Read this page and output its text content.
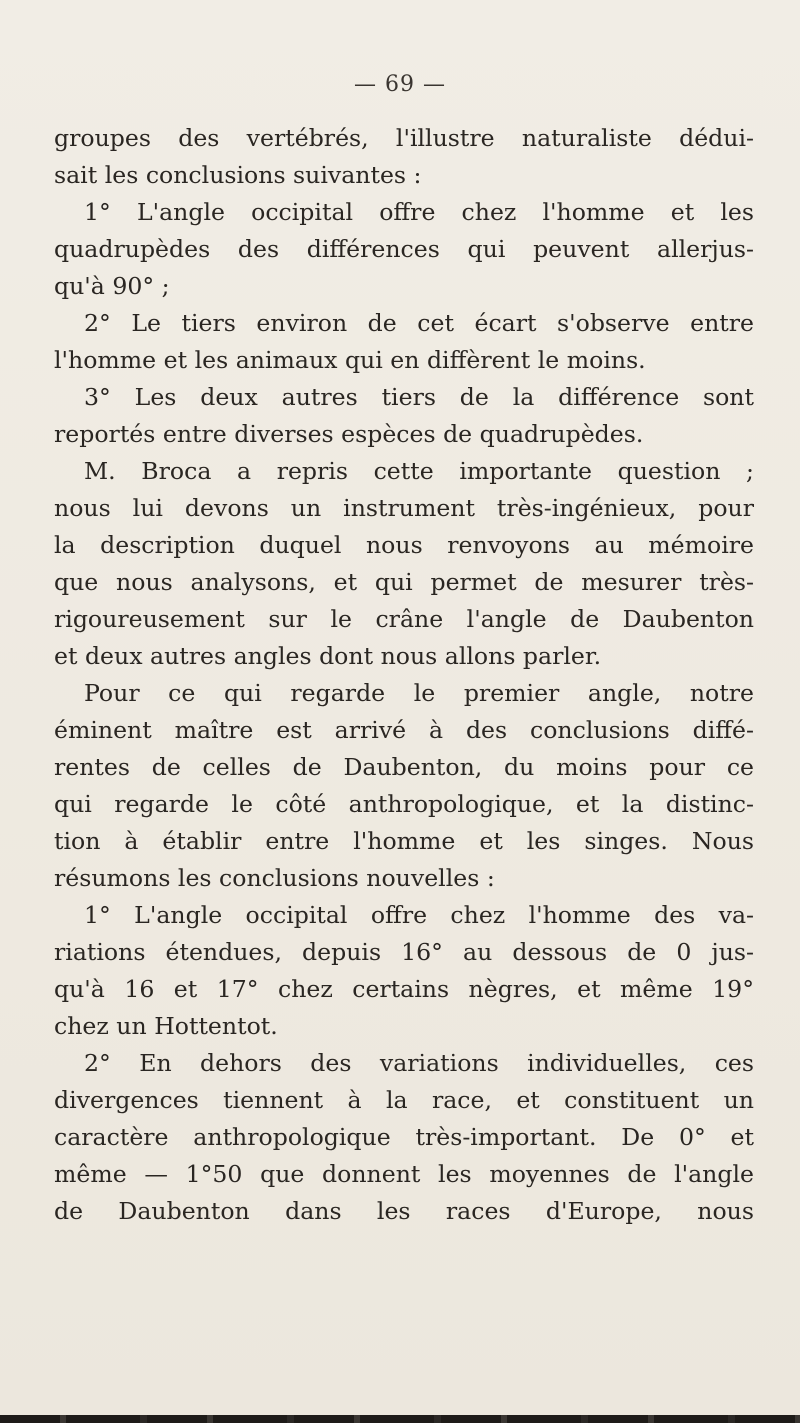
— 69 —
groupes des vertébrés, l'illustre naturaliste dédui-
sait les conclusions suivantes :
1° L'angle occipital offre chez l'homme et les
quadrupèdes des différences qui peuvent allerjus-
qu'à 90° ;
2° Le tiers environ de cet écart s'observe entre
l'homme et les animaux qui en diffèrent le moins.
3° Les deux autres tiers de la différence sont
reportés entre diverses espèces de quadrupèdes.
M. Broca a repris cette importante question ;
nous lui devons un instrument très-ingénieux, pour
la description duquel nous renvoyons au mémoire
que nous analysons, et qui permet de mesurer très-
rigoureusement sur le crâne l'angle de Daubenton
et deux autres angles dont nous allons parler.
Pour ce qui regarde le premier angle, notre
éminent maître est arrivé à des conclusions diffé-
rentes de celles de Daubenton, du moins pour ce
qui regarde le côté anthropologique, et la distinc-
tion à établir entre l'homme et les singes. Nous
résumons les conclusions nouvelles :
1° L'angle occipital offre chez l'homme des va-
riations étendues, depuis 16° au dessous de 0 jus-
qu'à 16 et 17° chez certains nègres, et même 19°
chez un Hottentot.
2° En dehors des variations individuelles, ces
divergences tiennent à la race, et constituent un
caractère anthropologique très-important. De 0° et
même — 1°50 que donnent les moyennes de l'angle
de Daubenton dans les races d'Europe, nous
